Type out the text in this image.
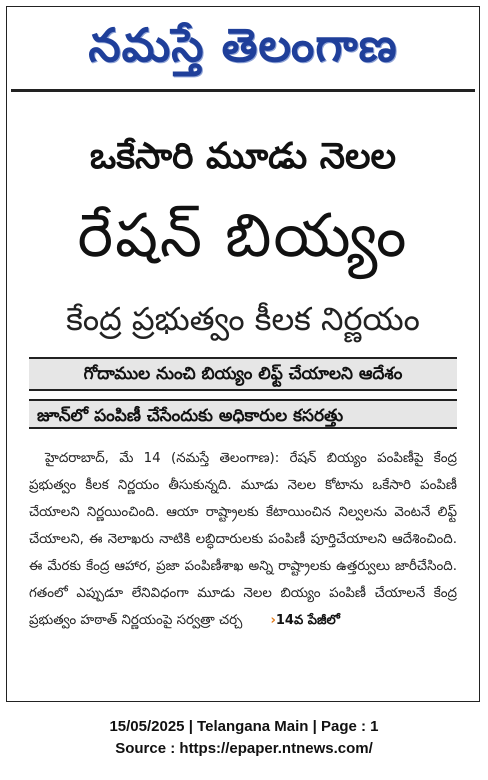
నమస్తే తెలంగాణ
ఒకేసారి మూడు నెలల
రేషన్ బియ్యం
కేంద్ర ప్రభుత్వం కీలక నిర్ణయం
గోదాముల నుంచి బియ్యం లిఫ్ట్ చేయాలని ఆదేశం
జూన్‌లో పంపిణీ చేసేందుకు అధికారుల కసరత్తు
హైదరాబాద్, మే 14 (నమస్తే తెలంగాణ): రేషన్ బియ్యం పంపిణీపై కేంద్ర ప్రభుత్వం కీలక నిర్ణయం తీసుకున్నది. మూడు నెలల కోటాను ఒకేసారి పంపిణీ చేయాలని నిర్ణయించింది. ఆయా రాష్ట్రాలకు కేటాయించిన నిల్వలను వెంటనే లిఫ్ట్ చేయాలని, ఈ నెలాఖరు నాటికి లబ్ధిదారులకు పంపిణీ పూర్తిచేయాలని ఆదేశించింది. ఈ మేరకు కేంద్ర ఆహార, ప్రజా పంపిణీశాఖ అన్ని రాష్ట్రాలకు ఉత్తర్వులు జారీచేసింది. గతంలో ఎప్పుడూ లేనివిధంగా మూడు నెలల బియ్యం పంపిణీ చేయాలనే కేంద్ర ప్రభుత్వం హఠాత్ నిర్ణయంపై సర్వత్రా చర్చ ›14వ పేజీలో
15/05/2025 | Telangana Main | Page : 1
Source : https://epaper.ntnews.com/
